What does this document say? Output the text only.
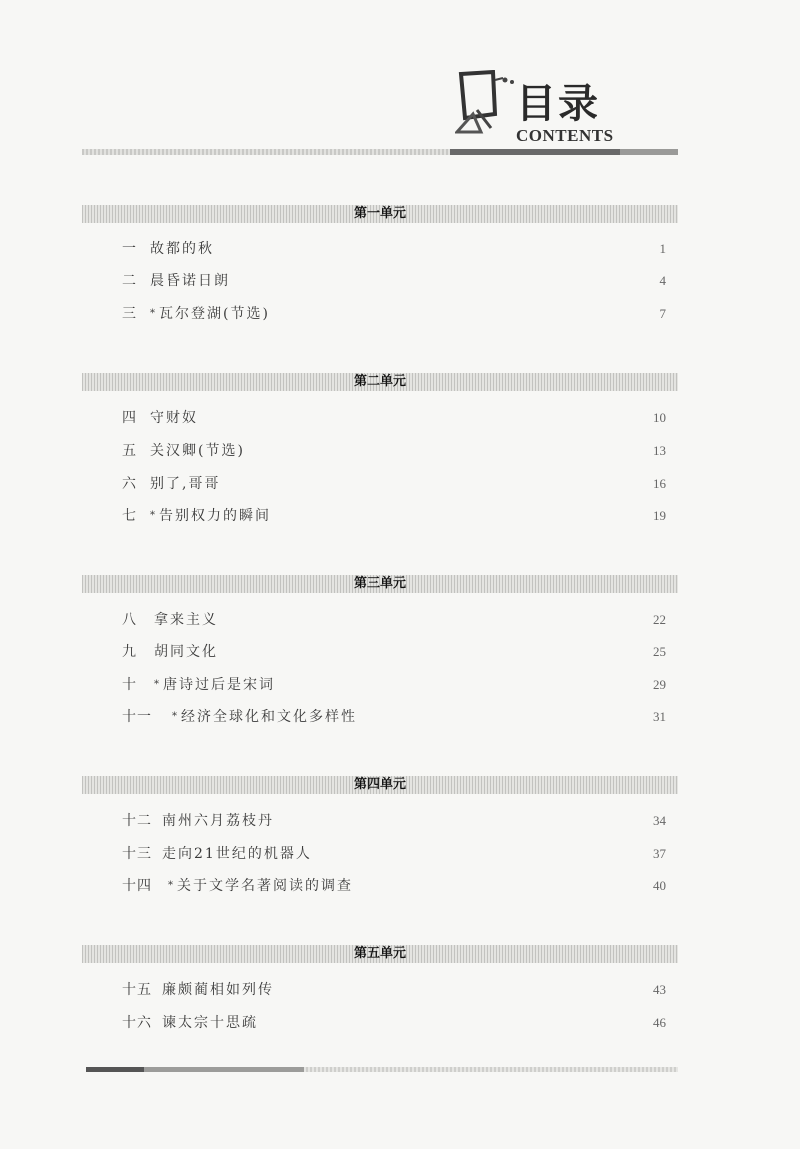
目录
CONTENTS
第一单元
一 故都的秋	1
二 晨昏诺日朗	4
三 * 瓦尔登湖(节选)	7
第二单元
四 守财奴	10
五 关汉卿(节选)	13
六 别了,哥哥	16
七 * 告别权力的瞬间	19
第三单元
八 拿来主义	22
九 胡同文化	25
十 * 唐诗过后是宋词	29
十一 * 经济全球化和文化多样性	31
第四单元
十二 南州六月荔枝丹	34
十三 走向21世纪的机器人	37
十四 * 关于文学名著阅读的调查	40
第五单元
十五 廉颇蔺相如列传	43
十六 谏太宗十思疏	46
